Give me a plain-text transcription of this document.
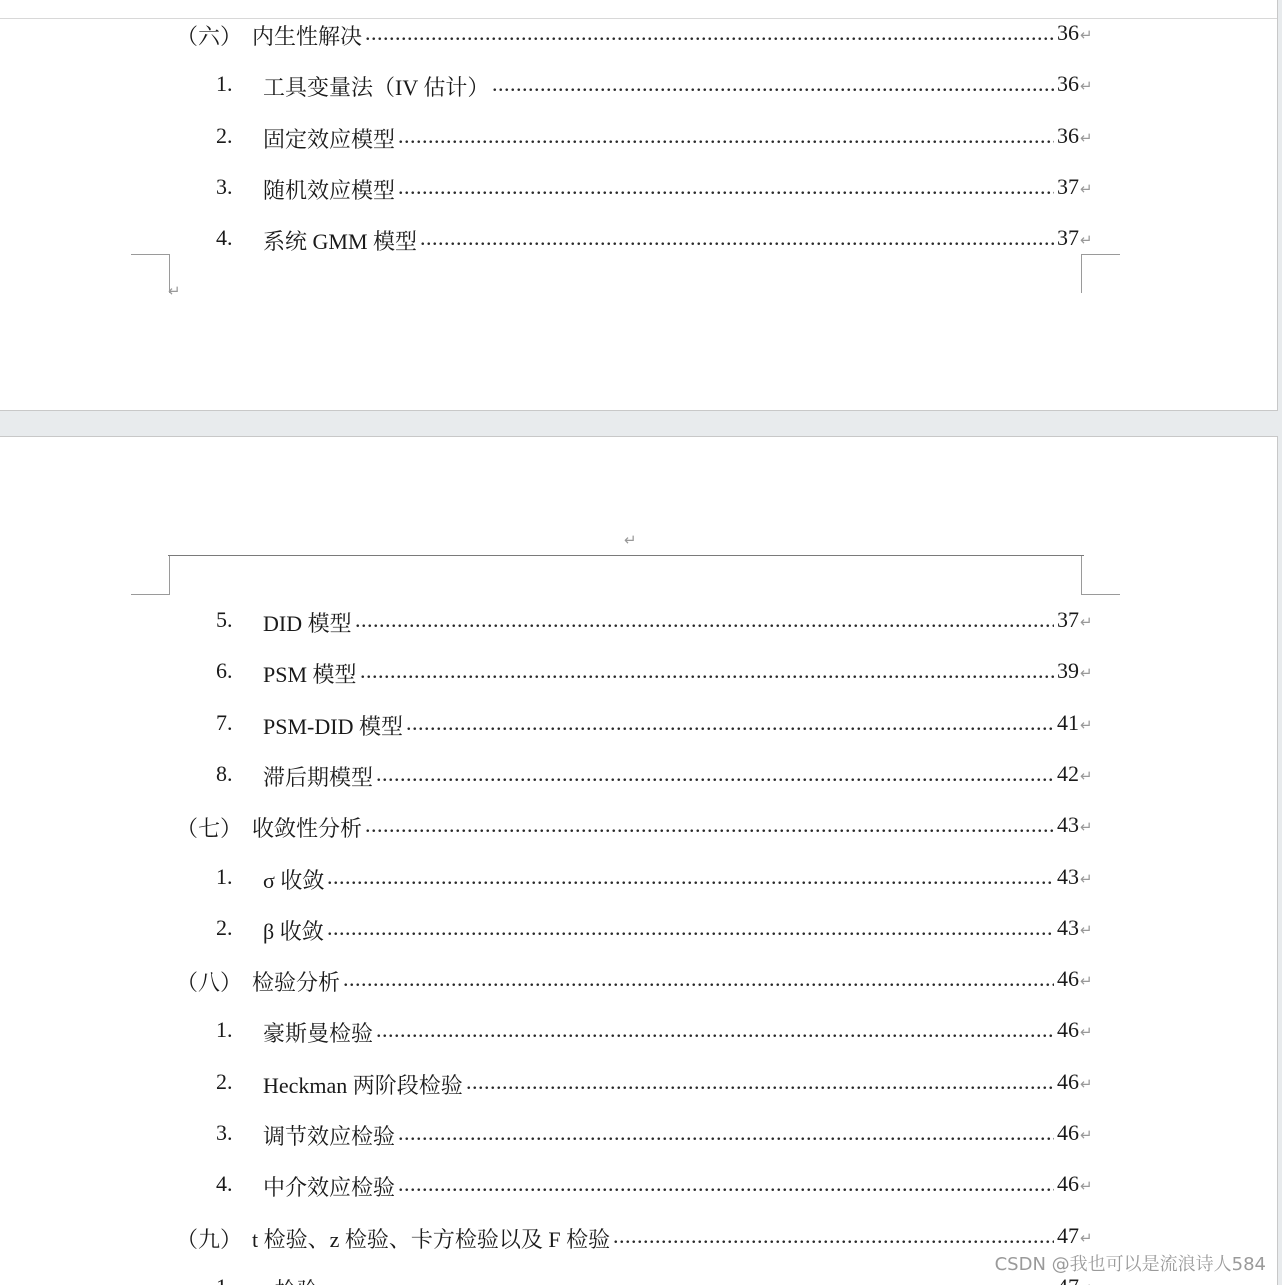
（六） 内生性解决 ................................................................................................................... 36↵
1. 工具变量法（IV 估计） ....................................................................................................
36↵
2. 固定效应模型 ............................................................................................................. 36↵
3. 随机效应模型 ............................................................................................................. 37↵
4. 系统 GMM 模型 .......................................................................................................... 37↵
↵
↵
5. DID 模型 .................................................................................................................... 37↵
6. PSM 模型 ................................................................................................................... 39↵
7. PSM-DID 模型 ............................................................................................................ 41↵
8. 滞后期模型 ................................................................................................................. 42↵
（七） 收敛性分析 ................................................................................................................... 43↵
1. σ 收敛 ......................................................................................................................... 43↵
2. β 收敛 ......................................................................................................................... 43↵
（八） 检验分析 ...................................................................................................................... 46↵
1. 豪斯曼检验 ................................................................................................................. 46↵
2. Heckman 两阶段检验 ....................................................................................................
46↵
3. 调节效应检验 ............................................................................................................. 46↵
4. 中介效应检验 ............................................................................................................. 46↵
（九） t 检验、z 检验、卡方检验以及 F 检验 ...........................................................................
47↵
CSDN @我也可以是流浪诗人584
